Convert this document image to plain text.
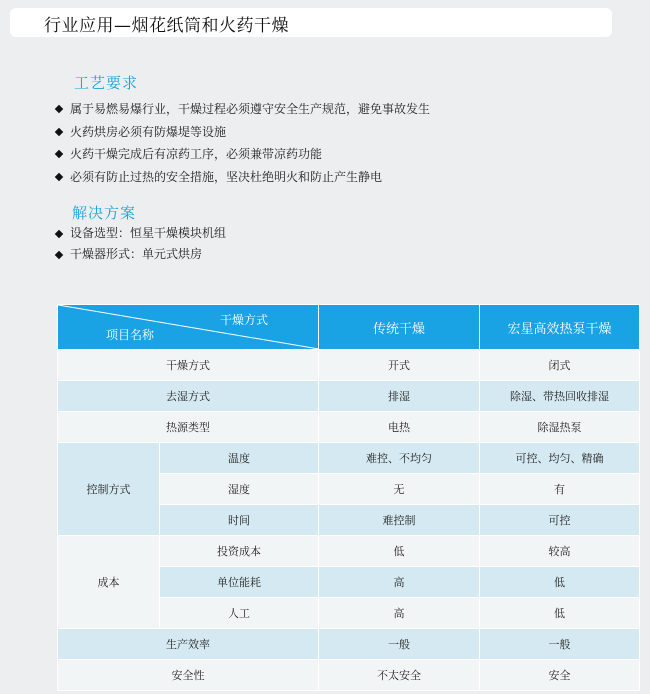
行业应用—烟花纸筒和火药干燥
工艺要求
属于易燃易爆行业，干燥过程必须遵守安全生产规范，避免事故发生
火药烘房必须有防爆堤等设施
火药干燥完成后有凉药工序，必须兼带凉药功能
必须有防止过热的安全措施，坚决杜绝明火和防止产生静电
解决方案
设备选型：恒星干燥模块机组
干燥器形式：单元式烘房
干燥方式
项目名称		传统干燥	宏星高效热泵干燥
干燥方式		开式	闭式
去湿方式		排湿	除湿、带热回收排湿
热源类型		电热	除湿热泵
控制方式	温度	难控、不均匀	可控、均匀、精确
	湿度	无	有
	时间	难控制	可控
成本	投资成本	低	较高
	单位能耗	高	低
	人工	高	低
生产效率		一般	一般
安全性		不太安全	安全
